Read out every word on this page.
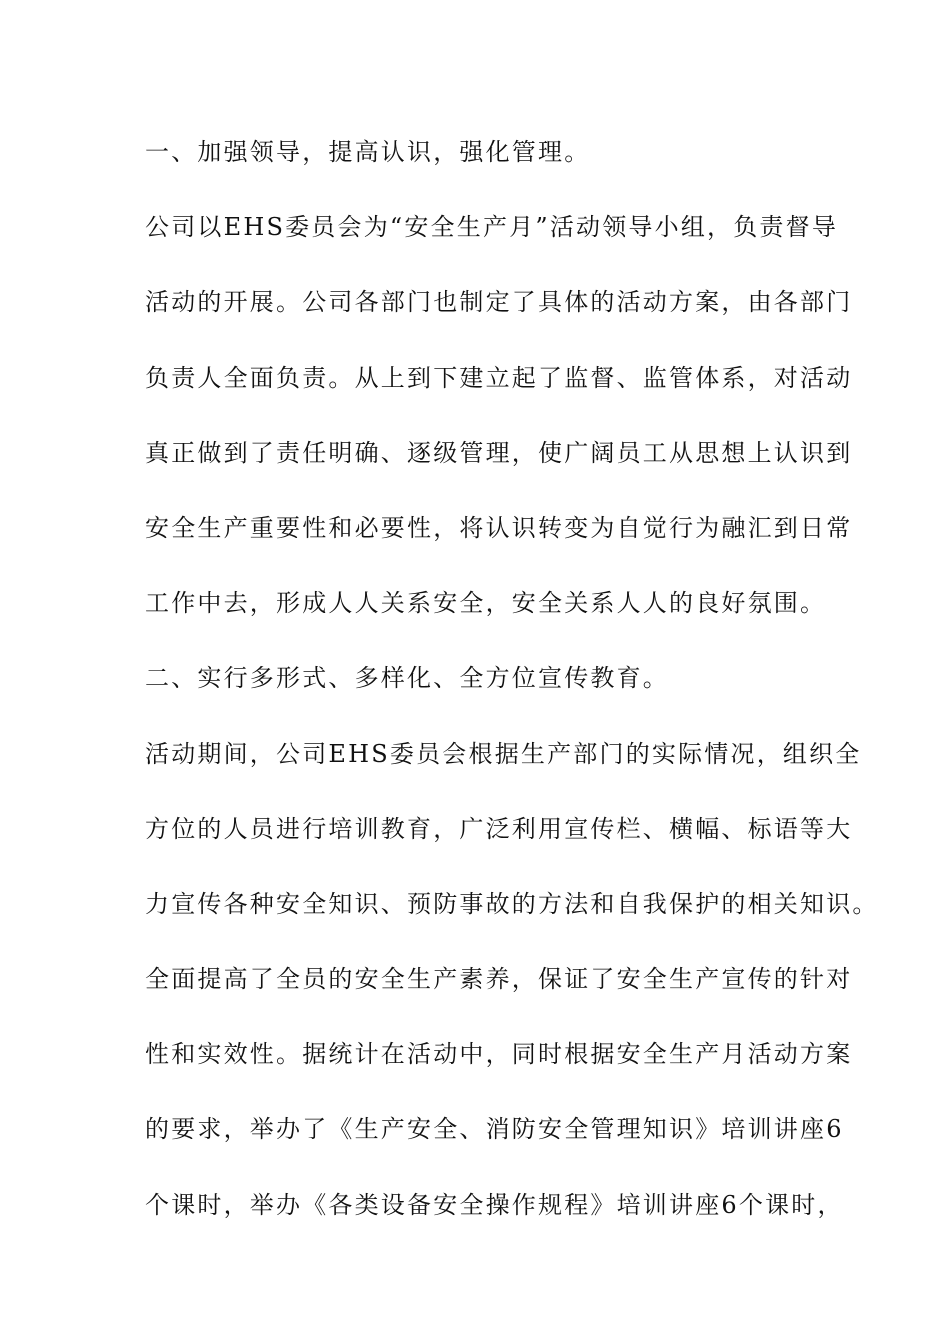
一、加强领导，提高认识，强化管理。
公司以EHS委员会为“安全生产月”活动领导小组，负责督导
活动的开展。公司各部门也制定了具体的活动方案，由各部门
负责人全面负责。从上到下建立起了监督、监管体系，对活动
真正做到了责任明确、逐级管理，使广阔员工从思想上认识到
安全生产重要性和必要性，将认识转变为自觉行为融汇到日常
工作中去，形成人人关系安全，安全关系人人的良好氛围。
二、实行多形式、多样化、全方位宣传教育。
活动期间，公司EHS委员会根据生产部门的实际情况，组织全
方位的人员进行培训教育，广泛利用宣传栏、横幅、标语等大
力宣传各种安全知识、预防事故的方法和自我保护的相关知识。
全面提高了全员的安全生产素养，保证了安全生产宣传的针对
性和实效性。据统计在活动中，同时根据安全生产月活动方案
的要求，举办了《生产安全、消防安全管理知识》培训讲座6
个课时，举办《各类设备安全操作规程》培训讲座6个课时，
